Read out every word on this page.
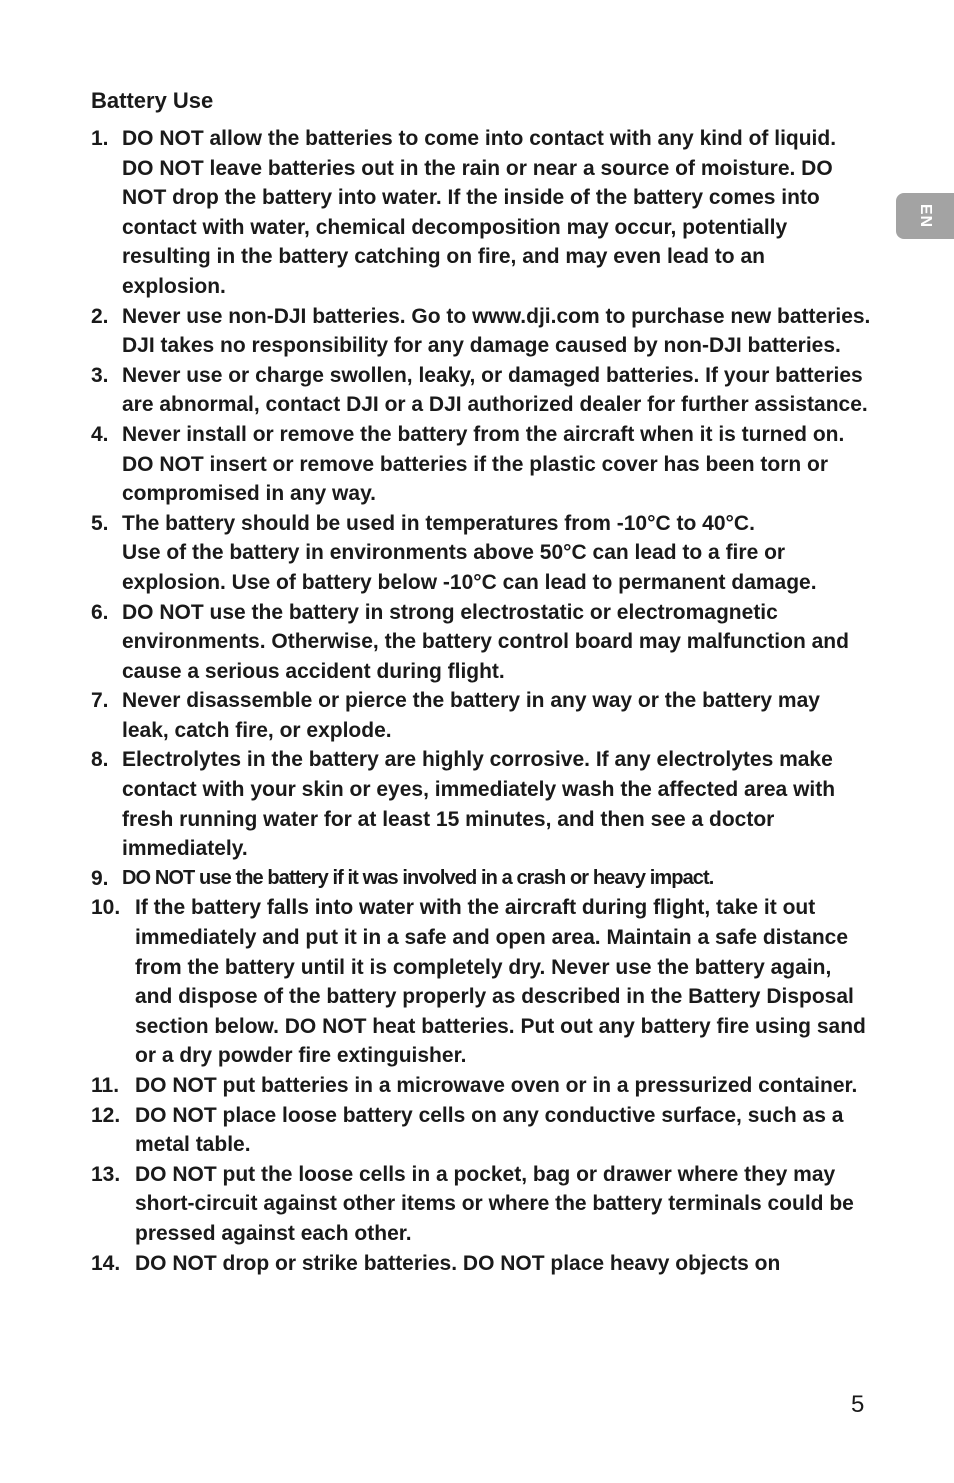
Battery Use
1. DO NOT allow the batteries to come into contact with any kind of liquid. DO NOT leave batteries out in the rain or near a source of moisture. DO NOT drop the battery into water. If the inside of the battery comes into contact with water, chemical decomposition may occur, potentially resulting in the battery catching on fire, and may even lead to an explosion.
2. Never use non-DJI batteries. Go to www.dji.com to purchase new batteries. DJI takes no responsibility for any damage caused by non-DJI batteries.
3. Never use or charge swollen, leaky, or damaged batteries. If your batteries are abnormal, contact DJI or a DJI authorized dealer for further assistance.
4. Never install or remove the battery from the aircraft when it is turned on. DO NOT insert or remove batteries if the plastic cover has been torn or compromised in any way.
5. The battery should be used in temperatures from -10°C to 40°C.
Use of the battery in environments above 50°C can lead to a fire or explosion. Use of battery below -10°C can lead to permanent damage.
6. DO NOT use the battery in strong electrostatic or electromagnetic environments. Otherwise, the battery control board may malfunction and cause a serious accident during flight.
7. Never disassemble or pierce the battery in any way or the battery may leak, catch fire, or explode.
8. Electrolytes in the battery are highly corrosive. If any electrolytes make contact with your skin or eyes, immediately wash the affected area with fresh running water for at least 15 minutes, and then see a doctor immediately.
9. DO NOT use the battery if it was involved in a crash or heavy impact.
10. If the battery falls into water with the aircraft during flight, take it out immediately and put it in a safe and open area. Maintain a safe distance from the battery until it is completely dry. Never use the battery again, and dispose of the battery properly as described in the Battery Disposal section below. DO NOT heat batteries. Put out any battery fire using sand or a dry powder fire extinguisher.
11. DO NOT put batteries in a microwave oven or in a pressurized container.
12. DO NOT place loose battery cells on any conductive surface, such as a metal table.
13. DO NOT put the loose cells in a pocket, bag or drawer where they may short-circuit against other items or where the battery terminals could be pressed against each other.
14. DO NOT drop or strike batteries. DO NOT place heavy objects on
EN

5
